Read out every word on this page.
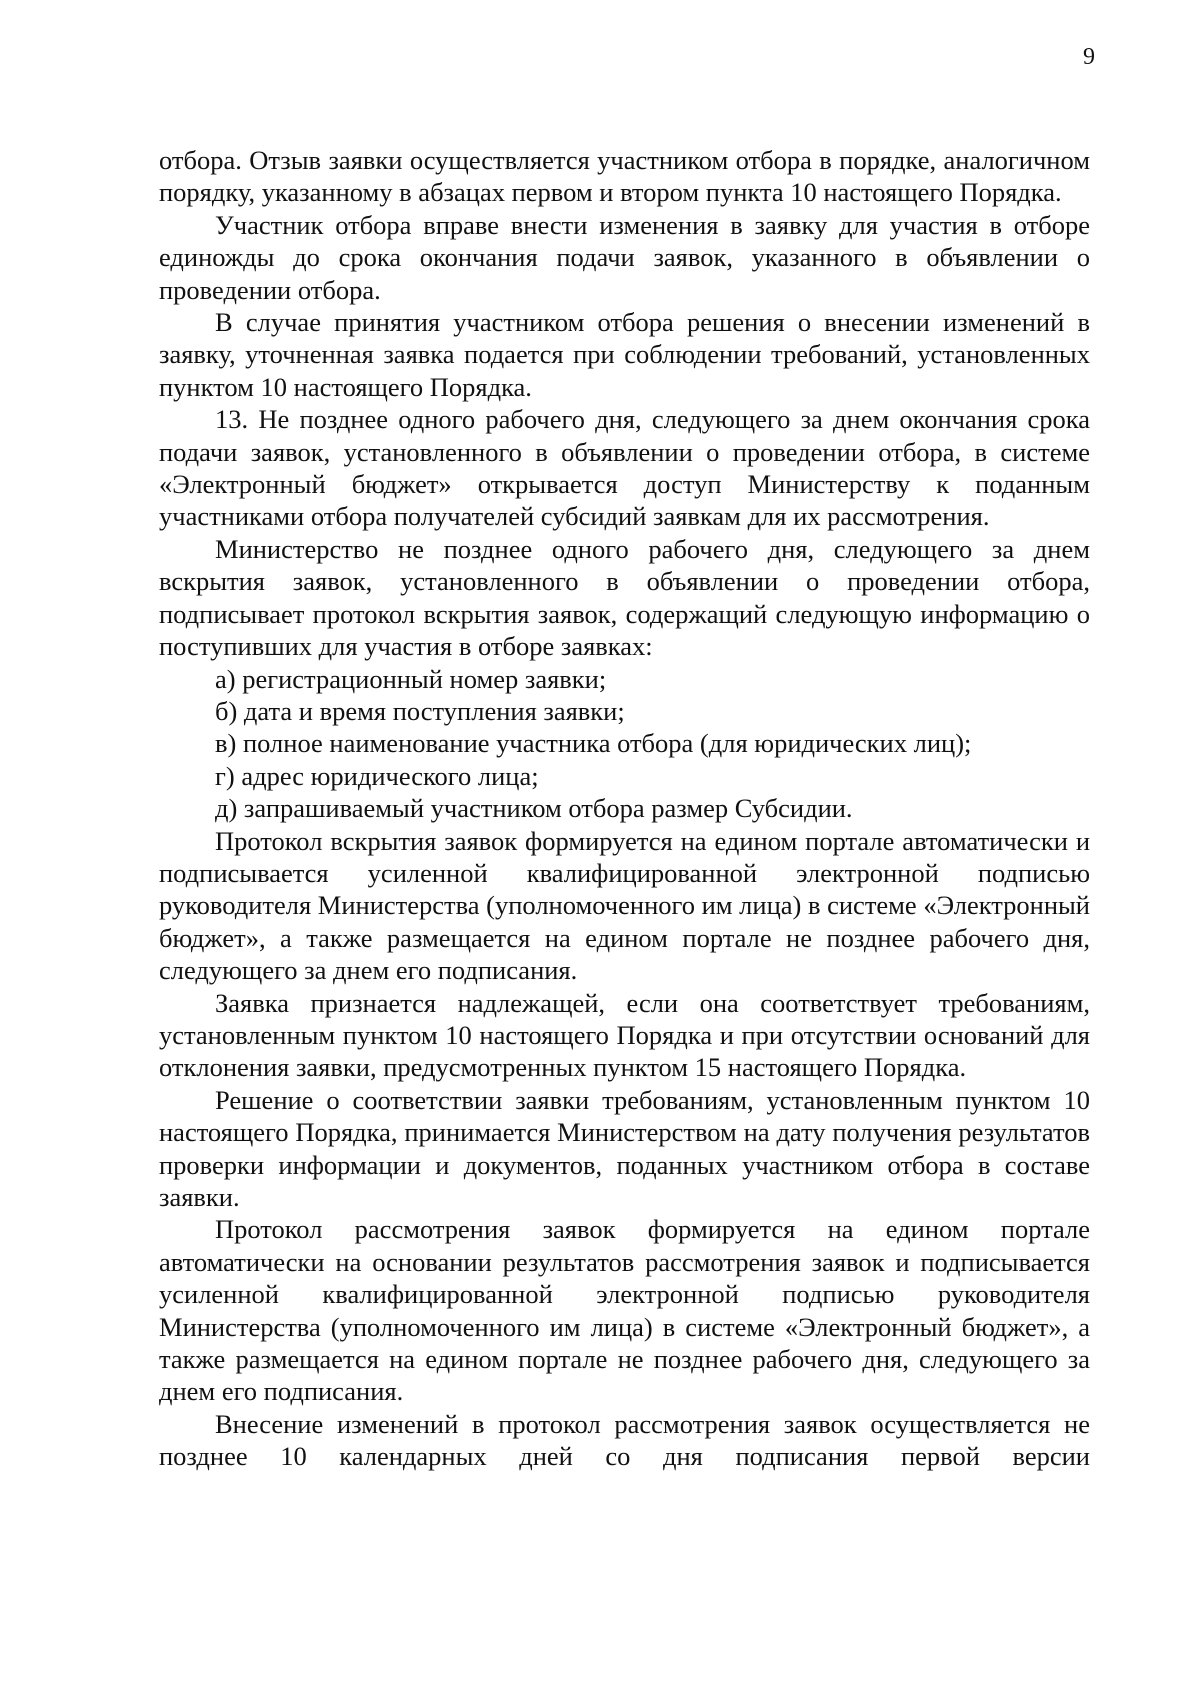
9

отбора. Отзыв заявки осуществляется участником отбора в порядке, аналогичном порядку, указанному в абзацах первом и втором пункта 10 настоящего Порядка.

Участник отбора вправе внести изменения в заявку для участия в отборе единожды до срока окончания подачи заявок, указанного в объявлении о проведении отбора.

В случае принятия участником отбора решения о внесении изменений в заявку, уточненная заявка подается при соблюдении требований, установленных пунктом 10 настоящего Порядка.

13. Не позднее одного рабочего дня, следующего за днем окончания срока подачи заявок, установленного в объявлении о проведении отбора, в системе «Электронный бюджет» открывается доступ Министерству к поданным участниками отбора получателей субсидий заявкам для их рассмотрения.

Министерство не позднее одного рабочего дня, следующего за днем вскрытия заявок, установленного в объявлении о проведении отбора, подписывает протокол вскрытия заявок, содержащий следующую информацию о поступивших для участия в отборе заявках:

а) регистрационный номер заявки;

б) дата и время поступления заявки;

в) полное наименование участника отбора (для юридических лиц);

г) адрес юридического лица;

д) запрашиваемый участником отбора размер Субсидии.

Протокол вскрытия заявок формируется на едином портале автоматически и подписывается усиленной квалифицированной электронной подписью руководителя Министерства (уполномоченного им лица) в системе «Электронный бюджет», а также размещается на едином портале не позднее рабочего дня, следующего за днем его подписания.

Заявка признается надлежащей, если она соответствует требованиям, установленным пунктом 10 настоящего Порядка и при отсутствии оснований для отклонения заявки, предусмотренных пунктом 15 настоящего Порядка.

Решение о соответствии заявки требованиям, установленным пунктом 10 настоящего Порядка, принимается Министерством на дату получения результатов проверки информации и документов, поданных участником отбора в составе заявки.

Протокол рассмотрения заявок формируется на едином портале автоматически на основании результатов рассмотрения заявок и подписывается усиленной квалифицированной электронной подписью руководителя Министерства (уполномоченного им лица) в системе «Электронный бюджет», а также размещается на едином портале не позднее рабочего дня, следующего за днем его подписания.

Внесение изменений в протокол рассмотрения заявок осуществляется не позднее 10 календарных дней со дня подписания первой версии
